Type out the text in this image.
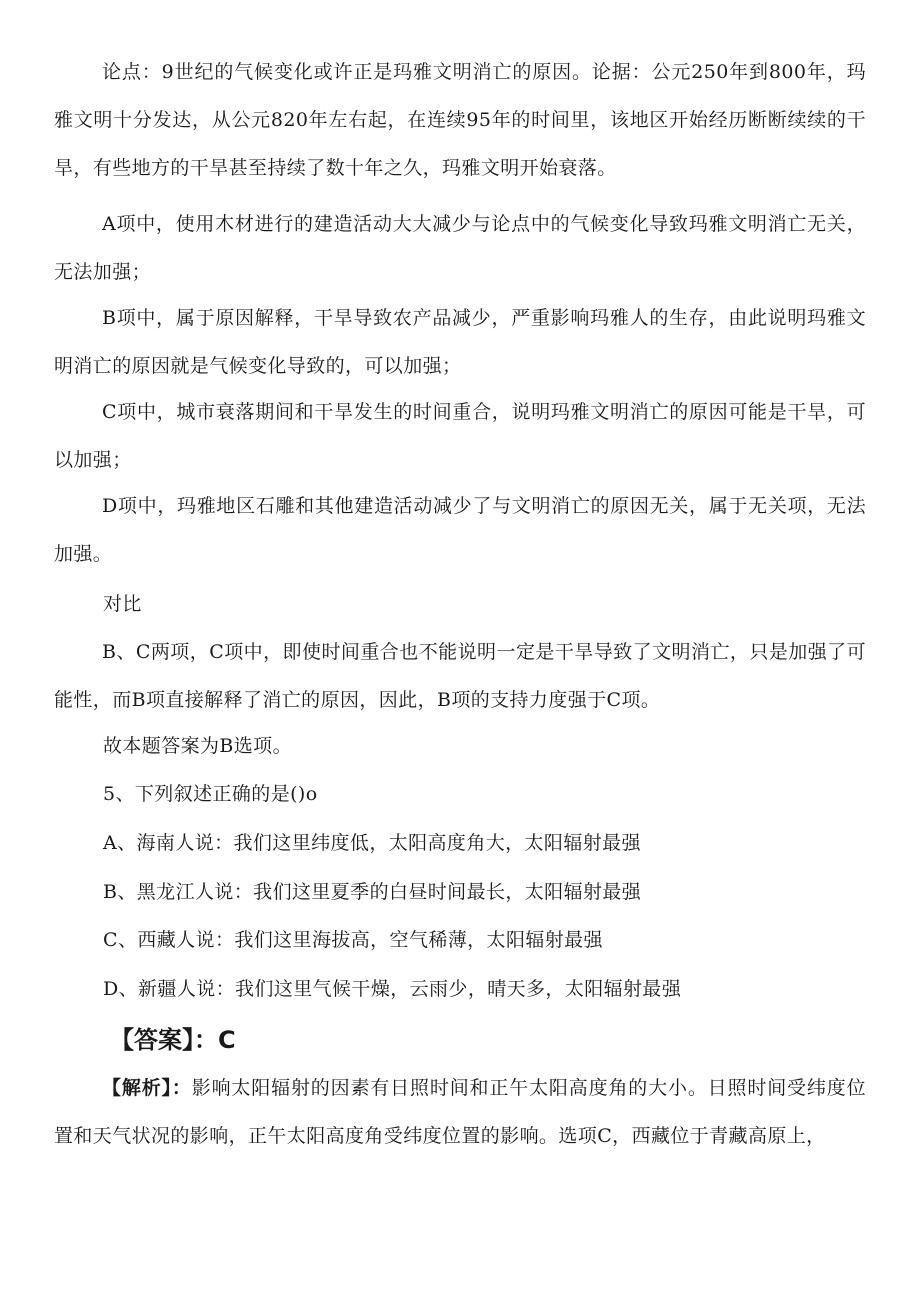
论点：9世纪的气候变化或许正是玛雅文明消亡的原因。论据：公元250年到800年，玛雅文明十分发达，从公元820年左右起，在连续95年的时间里，该地区开始经历断断续续的干旱，有些地方的干旱甚至持续了数十年之久，玛雅文明开始衰落。

A项中，使用木材进行的建造活动大大减少与论点中的气候变化导致玛雅文明消亡无关，无法加强；

B项中，属于原因解释，干旱导致农产品减少，严重影响玛雅人的生存，由此说明玛雅文明消亡的原因就是气候变化导致的，可以加强；

C项中，城市衰落期间和干旱发生的时间重合，说明玛雅文明消亡的原因可能是干旱，可以加强；

D项中，玛雅地区石雕和其他建造活动减少了与文明消亡的原因无关，属于无关项，无法加强。

对比

B、C两项，C项中，即使时间重合也不能说明一定是干旱导致了文明消亡，只是加强了可能性，而B项直接解释了消亡的原因，因此，B项的支持力度强于C项。

故本题答案为B选项。

5、下列叙述正确的是()o

A、海南人说：我们这里纬度低，太阳高度角大，太阳辐射最强

B、黑龙江人说：我们这里夏季的白昼时间最长，太阳辐射最强

C、西藏人说：我们这里海拔高，空气稀薄，太阳辐射最强

D、新疆人说：我们这里气候干燥，云雨少，晴天多，太阳辐射最强

【答案】：C

【解析】：影响太阳辐射的因素有日照时间和正午太阳高度角的大小。日照时间受纬度位置和天气状况的影响，正午太阳高度角受纬度位置的影响。选项C，西藏位于青藏高原上，
